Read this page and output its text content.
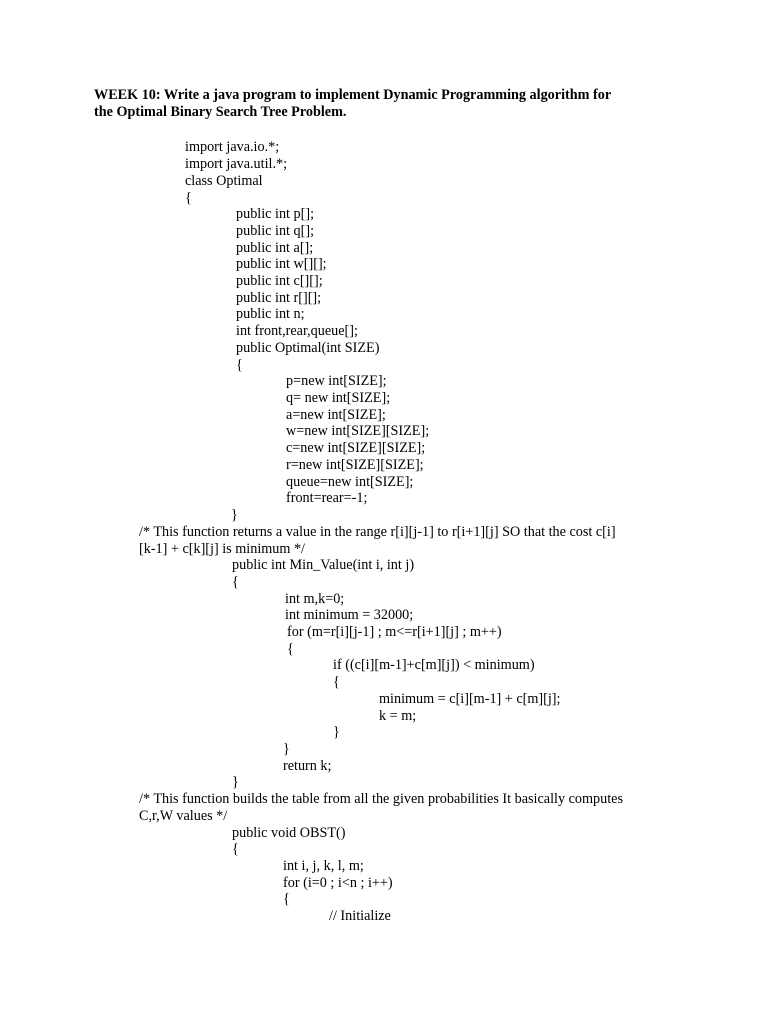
WEEK 10: Write a java program to implement Dynamic Programming algorithm for
the Optimal Binary Search Tree Problem.
import java.io.*;
import java.util.*;
class Optimal
{
public int p[];
public int q[];
public int a[];
public int w[][];
public int c[][];
public int r[][];
public int n;
int front,rear,queue[];
public Optimal(int SIZE)
{
p=new int[SIZE];
q= new int[SIZE];
a=new int[SIZE];
w=new int[SIZE][SIZE];
c=new int[SIZE][SIZE];
r=new int[SIZE][SIZE];
queue=new int[SIZE];
front=rear=-1;
}
/* This function returns a value in the range r[i][j-1] to r[i+1][j] SO that the cost c[i]
[k-1] + c[k][j] is minimum */
public int Min_Value(int i, int j)
{
int m,k=0;
int minimum = 32000;
for (m=r[i][j-1] ; m<=r[i+1][j] ; m++)
{
if ((c[i][m-1]+c[m][j]) < minimum)
{
minimum = c[i][m-1] + c[m][j];
k = m;
}
}
return k;
}
/* This function builds the table from all the given probabilities It basically computes
C,r,W values */
public void OBST()
{
int i, j, k, l, m;
for (i=0 ; i<n ; i++)
{
// Initialize
